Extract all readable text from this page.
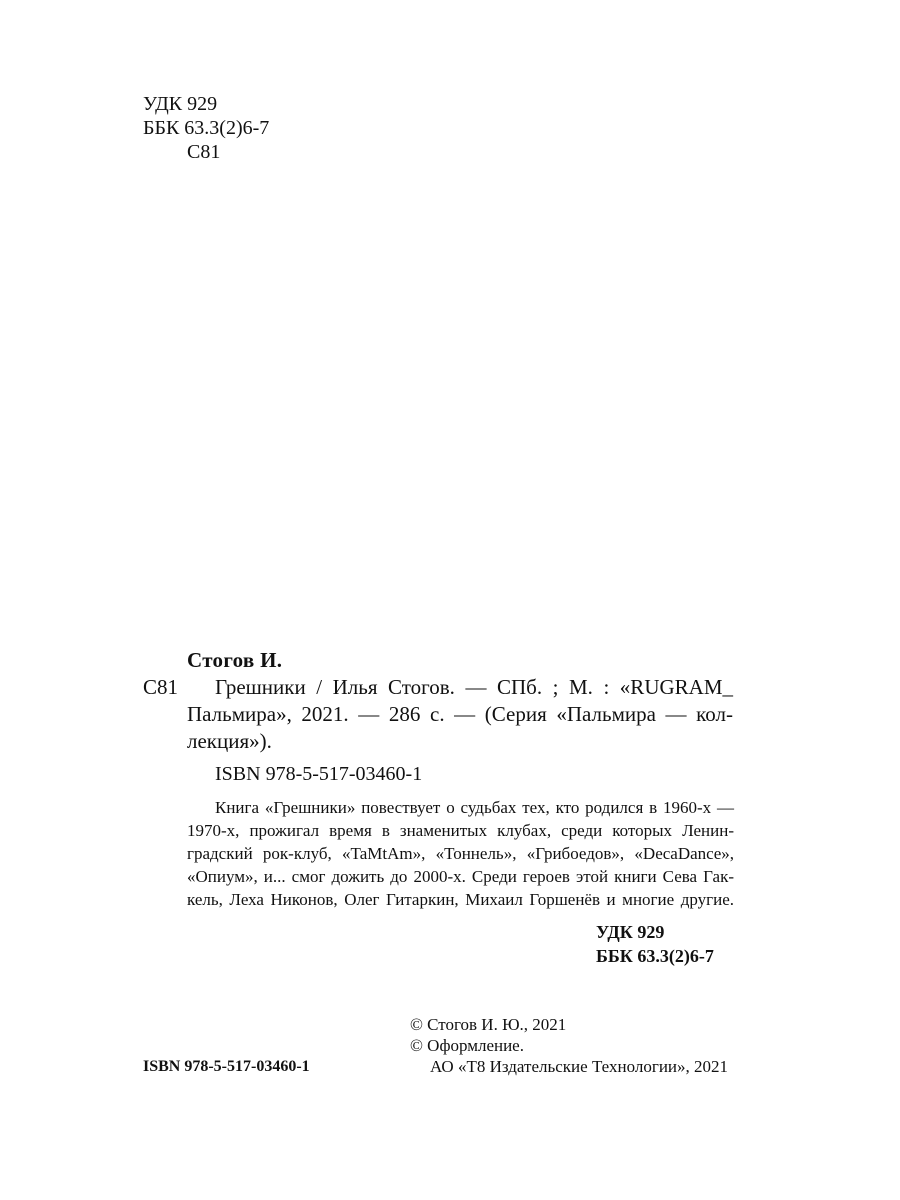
УДК 929
ББК 63.3(2)6-7
С81
Стогов И.
С81	Грешники / Илья Стогов. — СПб. ; М. : «RUGRAM_
Пальмира», 2021. — 286 с. — (Серия «Пальмира — кол-
лекция»).
ISBN 978-5-517-03460-1
Книга «Грешники» повествует о судьбах тех, кто родился в 1960-х —
1970-х, прожигал время в знаменитых клубах, среди которых Ленин-
градский рок-клуб, «TaMtAm», «Тоннель», «Грибоедов», «DecaDance»,
«Опиум», и... смог дожить до 2000-х. Среди героев этой книги Сева Гак-
кель, Леха Никонов, Олег Гитаркин, Михаил Горшенёв и многие другие.
УДК 929
ББК 63.3(2)6-7
© Стогов И. Ю., 2021
© Оформление.
АО «Т8 Издательские Технологии», 2021
ISBN 978-5-517-03460-1
